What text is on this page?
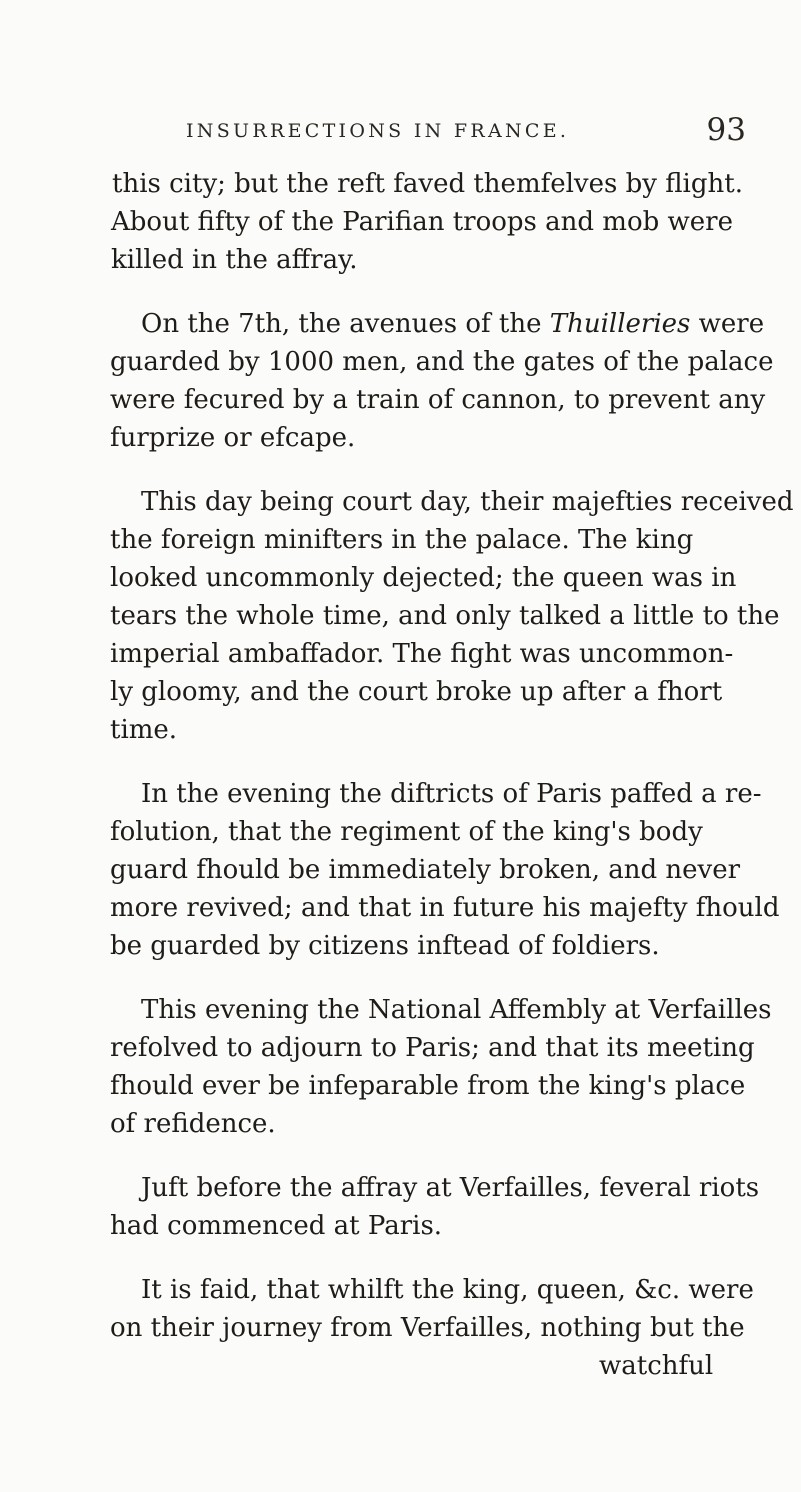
INSURRECTIONS IN FRANCE.	93
this city; but the reft faved themfelves by flight.
About fifty of the Parifian troops and mob were
killed in the affray.
On the 7th, the avenues of the Thuilleries were
guarded by 1000 men, and the gates of the palace
were fecured by a train of cannon, to prevent any
furprize or efcape.
This day being court day, their majefties received
the foreign minifters in the palace. The king
looked uncommonly dejected; the queen was in
tears the whole time, and only talked a little to the
imperial ambaffador. The fight was uncommon-
ly gloomy, and the court broke up after a fhort
time.
In the evening the diftricts of Paris paffed a re-
folution, that the regiment of the king's body
guard fhould be immediately broken, and never
more revived; and that in future his majefty fhould
be guarded by citizens inftead of foldiers.
This evening the National Affembly at Verfailles
refolved to adjourn to Paris; and that its meeting
fhould ever be infeparable from the king's place
of refidence.
Juft before the affray at Verfailles, feveral riots
had commenced at Paris.
It is faid, that whilft the king, queen, &c. were
on their journey from Verfailles, nothing but the
watchful
